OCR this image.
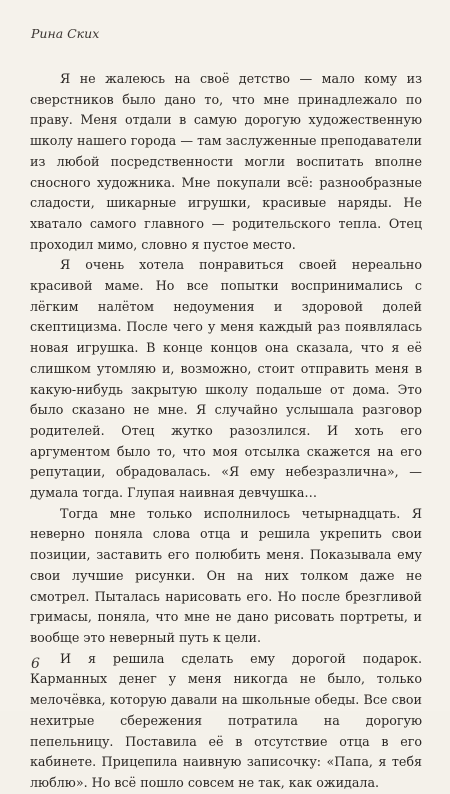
Рина Ских

Я не жалеюсь на своё детство — мало кому из сверстников было дано то, что мне принадлежало по праву. Меня отдали в самую дорогую художественную школу нашего города — там заслуженные преподаватели из любой посредственности могли воспитать вполне сносного художника. Мне покупали всё: разнообразные сладости, шикарные игрушки, красивые наряды. Не хватало самого главного — родительского тепла. Отец проходил мимо, словно я пустое место.

Я очень хотела понравиться своей нереально красивой маме. Но все попытки воспринимались с лёгким налётом недоумения и здоровой долей скептицизма. После чего у меня каждый раз появлялась новая игрушка. В конце концов она сказала, что я её слишком утомляю и, возможно, стоит отправить меня в какую-нибудь закрытую школу подальше от дома. Это было сказано не мне. Я случайно услышала разговор родителей. Отец жутко разозлился. И хоть его аргументом было то, что моя отсылка скажется на его репутации, обрадовалась. «Я ему небезразлична», — думала тогда. Глупая наивная девчушка…

Тогда мне только исполнилось четырнадцать. Я неверно поняла слова отца и решила укрепить свои позиции, заставить его полюбить меня. Показывала ему свои лучшие рисунки. Он на них толком даже не смотрел. Пыталась нарисовать его. Но после брезгливой гримасы, поняла, что мне не дано рисовать портреты, и вообще это неверный путь к цели.

И я решила сделать ему дорогой подарок. Карманных денег у меня никогда не было, только мелочёвка, которую давали на школьные обеды. Все свои нехитрые сбережения потратила на дорогую пепельницу. Поставила её в отсутствие отца в его кабинете. Прицепила наивную записочку: «Папа, я тебя люблю». Но всё пошло совсем не так, как ожидала.

6
